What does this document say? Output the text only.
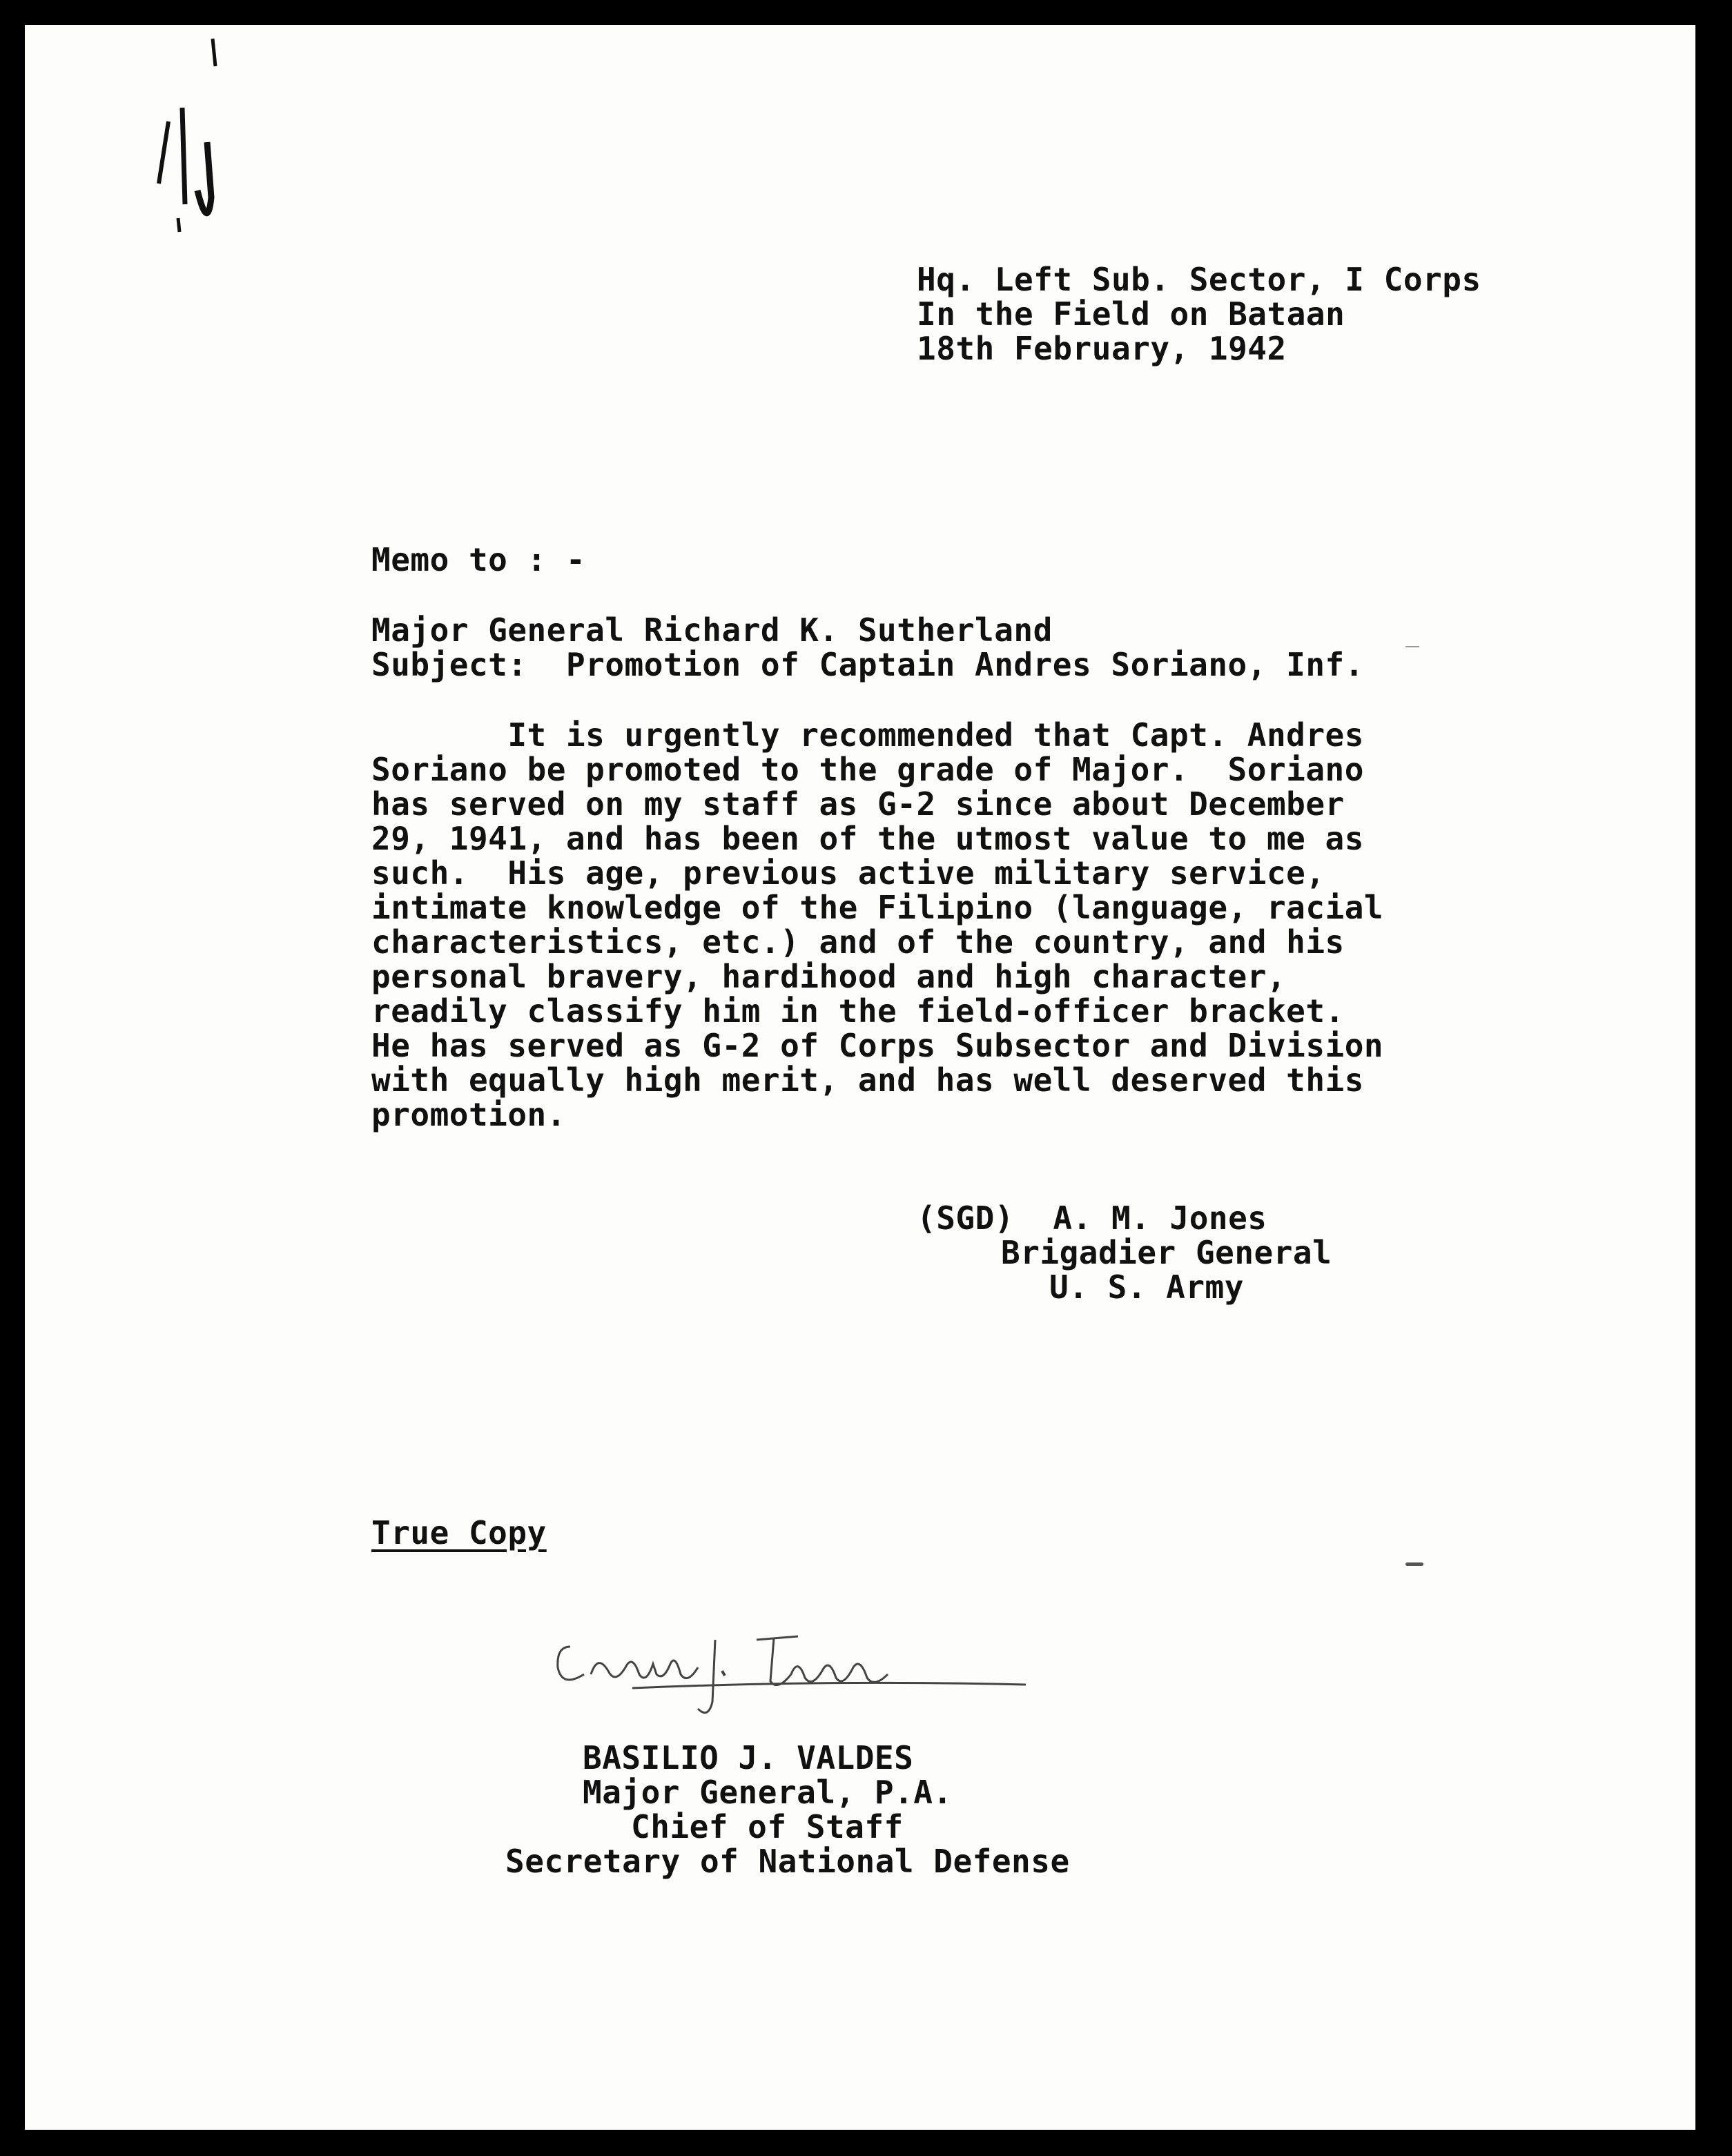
Hq. Left Sub. Sector, I Corps
In the Field on Bataan
18th February, 1942
Memo to : -
Major General Richard K. Sutherland
Subject:  Promotion of Captain Andres Soriano, Inf.
It is urgently recommended that Capt. Andres
Soriano be promoted to the grade of Major.  Soriano
has served on my staff as G-2 since about December
29, 1941, and has been of the utmost value to me as
such.  His age, previous active military service,
intimate knowledge of the Filipino (language, racial
characteristics, etc.) and of the country, and his
personal bravery, hardihood and high character,
readily classify him in the field-officer bracket.
He has served as G-2 of Corps Subsector and Division
with equally high merit, and has well deserved this
promotion.
(SGD)  A. M. Jones
Brigadier General
U. S. Army
True Copy
BASILIO J. VALDES
Major General, P.A.
Chief of Staff
Secretary of National Defense
